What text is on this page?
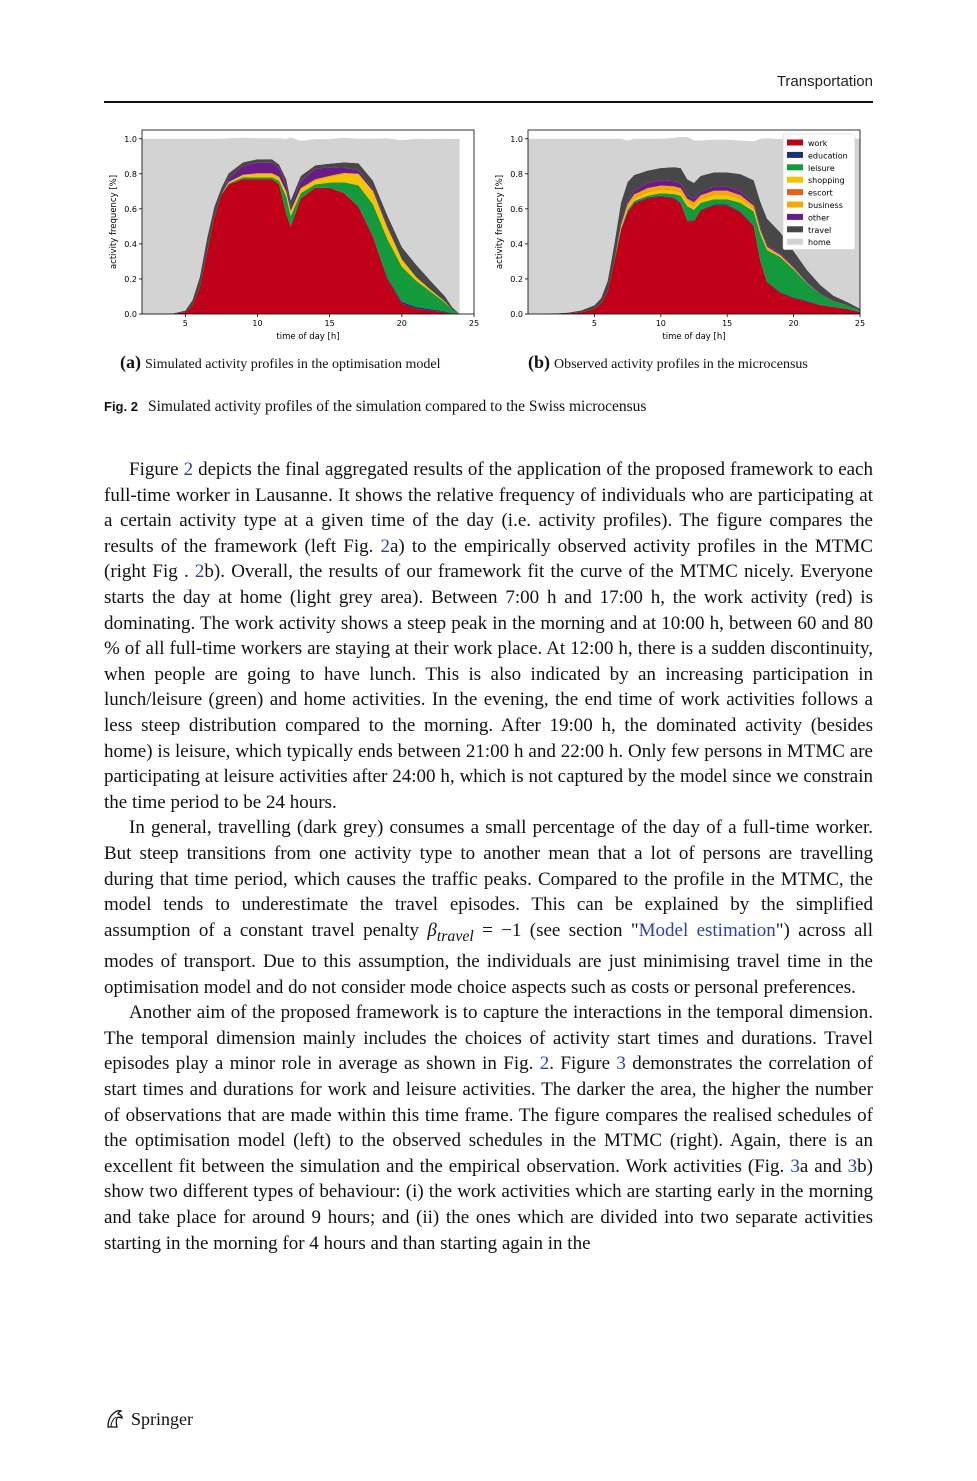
Transportation
5	10	15	20	25
0.0
0.2
0.4
0.6
0.8
1.0
time of day [h]
activity frequency [%]
5	10	15	20	25
0.0
0.2
0.4
0.6
0.8
1.0
time of day [h]
activity frequency [%]
work
education
leisure
shopping
escort
business
other
travel
home
(a) Simulated activity profiles in the optimisation model	(b) Observed activity profiles in the microcensus
Fig. 2 Simulated activity profiles of the simulation compared to the Swiss microcensus

Figure 2 depicts the final aggregated results of the application of the proposed framework to each full-time worker in Lausanne. It shows the relative frequency of individuals who are participating at a certain activity type at a given time of the day (i.e. activity profiles). The figure compares the results of the framework (left Fig. 2a) to the empirically observed activity profiles in the MTMC (right Fig . 2b). Overall, the results of our framework fit the curve of the MTMC nicely. Everyone starts the day at home (light grey area). Between 7:00 h and 17:00 h, the work activity (red) is dominating. The work activity shows a steep peak in the morning and at 10:00 h, between 60 and 80 % of all full-time workers are staying at their work place. At 12:00 h, there is a sudden discontinuity, when people are going to have lunch. This is also indicated by an increasing participation in lunch/leisure (green) and home activities. In the evening, the end time of work activities follows a less steep distribution compared to the morning. After 19:00 h, the dominated activity (besides home) is leisure, which typically ends between 21:00 h and 22:00 h. Only few persons in MTMC are participating at leisure activities after 24:00 h, which is not captured by the model since we constrain the time period to be 24 hours.

In general, travelling (dark grey) consumes a small percentage of the day of a full-time worker. But steep transitions from one activity type to another mean that a lot of persons are travelling during that time period, which causes the traffic peaks. Compared to the profile in the MTMC, the model tends to underestimate the travel episodes. This can be explained by the simplified assumption of a constant travel penalty $\beta_{travel} = -1$ (see section "Model estimation") across all modes of transport. Due to this assumption, the individuals are just minimising travel time in the optimisation model and do not consider mode choice aspects such as costs or personal preferences.

Another aim of the proposed framework is to capture the interactions in the temporal dimension. The temporal dimension mainly includes the choices of activity start times and durations. Travel episodes play a minor role in average as shown in Fig. 2. Figure 3 demonstrates the correlation of start times and durations for work and leisure activities. The darker the area, the higher the number of observations that are made within this time frame. The figure compares the realised schedules of the optimisation model (left) to the observed schedules in the MTMC (right). Again, there is an excellent fit between the simulation and the empirical observation. Work activities (Fig. 3a and 3b) show two different types of behaviour: (i) the work activities which are starting early in the morning and take place for around 9 hours; and (ii) the ones which are divided into two separate activities starting in the morning for 4 hours and than starting again in the

Springer
